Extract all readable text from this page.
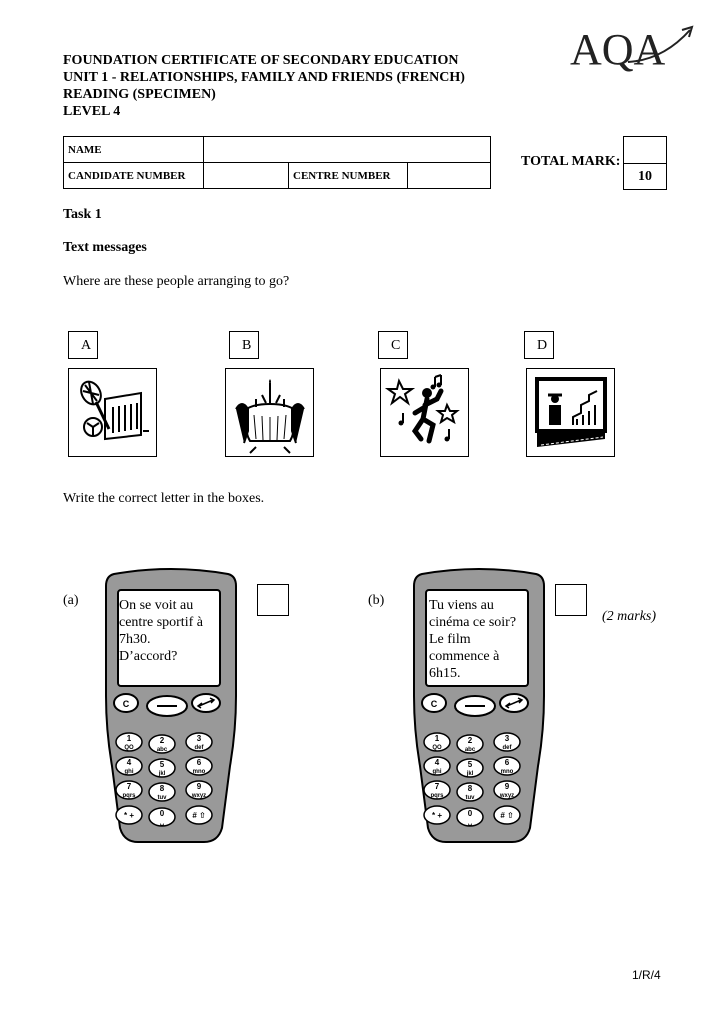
FOUNDATION CERTIFICATE OF SECONDARY EDUCATION
UNIT 1 - RELATIONSHIPS, FAMILY AND FRIENDS (FRENCH)
READING (SPECIMEN)
LEVEL 4
AQA
NAME			
CANDIDATE NUMBER		CENTRE NUMBER	
TOTAL MARK:
10
Task 1
Text messages
Where are these people arranging to go?
A	B	C	D
Write the correct letter in the boxes.
(a)
C
1
QO
2
abc
3
def
4
ghi
5
jkl
6
mno
7
pqrs
8
tuv
9
wxyz
* +	0
␣
# ⇧
On se voit au
centre sportif à
7h30.
D’accord?
(b)
C
1
QO
2
abc
3
def
4
ghi
5
jkl
6
mno
7
pqrs
8
tuv
9
wxyz
* +	0
␣
# ⇧
Tu viens au
cinéma ce soir?
Le film
commence à
6h15.
(2 marks)
1/R/4
